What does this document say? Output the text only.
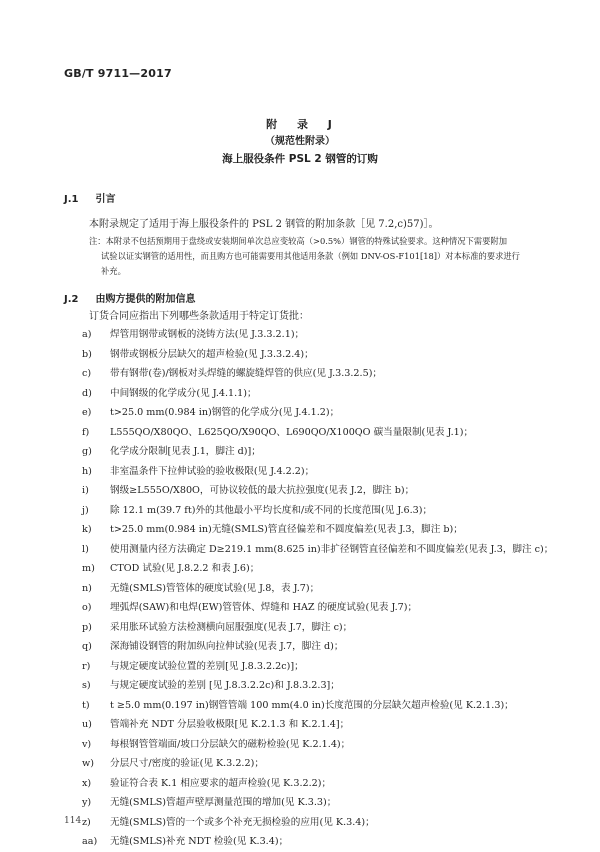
GB/T 9711—2017
附 录 J
（规范性附录）
海上服役条件 PSL 2 钢管的订购
J.1 引言
本附录规定了适用于海上服役条件的 PSL 2 钢管的附加条款［见 7.2,c)57)］。
注：本附录不包括预期用于盘绕或安装期间单次总应变较高（>0.5%）钢管的特殊试验要求。这种情况下需要附加
试验以证实钢管的适用性，而且购方也可能需要用其他适用条款（例如 DNV-OS-F101[18]）对本标准的要求进行
补充。
J.2 由购方提供的附加信息
订货合同应指出下列哪些条款适用于特定订货批：
a)	焊管用钢带或钢板的浇铸方法(见 J.3.3.2.1)；
b)	钢带或钢板分层缺欠的超声检验(见 J.3.3.2.4)；
c)	带有钢带(卷)/钢板对头焊缝的螺旋缝焊管的供应(见 J.3.3.2.5)；
d)	中间钢级的化学成分(见 J.4.1.1)；
e)	t>25.0 mm(0.984 in)钢管的化学成分(见 J.4.1.2)；
f)	L555QO/X80QO、L625QO/X90QO、L690QO/X100QO 碳当量限制(见表 J.1)；
g)	化学成分限制[见表 J.1，脚注 d)]；
h)	非室温条件下拉伸试验的验收极限(见 J.4.2.2)；
i)	钢级≥L555O/X80O，可协议较低的最大抗拉强度(见表 J.2，脚注 b)；
j)	除 12.1 m(39.7 ft)外的其他最小平均长度和/或不同的长度范围(见 J.6.3)；
k)	t>25.0 mm(0.984 in)无缝(SMLS)管直径偏差和不圆度偏差(见表 J.3，脚注 b)；
l)	使用测量内径方法确定 D≥219.1 mm(8.625 in)非扩径钢管直径偏差和不圆度偏差(见表 J.3，脚注 c)；
m)	CTOD 试验(见 J.8.2.2 和表 J.6)；
n)	无缝(SMLS)管管体的硬度试验(见 J.8，表 J.7)；
o)	埋弧焊(SAW)和电焊(EW)管管体、焊缝和 HAZ 的硬度试验(见表 J.7)；
p)	采用胀环试验方法检测横向屈服强度(见表 J.7，脚注 c)；
q)	深海铺设钢管的附加纵向拉伸试验(见表 J.7，脚注 d)；
r)	与规定硬度试验位置的差别[见 J.8.3.2.2c)]；
s)	与规定硬度试验的差别 [见 J.8.3.2.2c)和 J.8.3.2.3]；
t)	t ≥5.0 mm(0.197 in)钢管管端 100 mm(4.0 in)长度范围的分层缺欠超声检验(见 K.2.1.3)；
u)	管端补充 NDT 分层验收极限[见 K.2.1.3 和 K.2.1.4]；
v)	每根钢管管端面/坡口分层缺欠的磁粉检验(见 K.2.1.4)；
w)	分层尺寸/密度的验证(见 K.3.2.2)；
x)	验证符合表 K.1 相应要求的超声检验(见 K.3.2.2)；
y)	无缝(SMLS)管超声壁厚测量范围的增加(见 K.3.3)；
z)	无缝(SMLS)管的一个或多个补充无损检验的应用(见 K.3.4)；
aa)	无缝(SMLS)补充 NDT 检验(见 K.3.4)；
114
